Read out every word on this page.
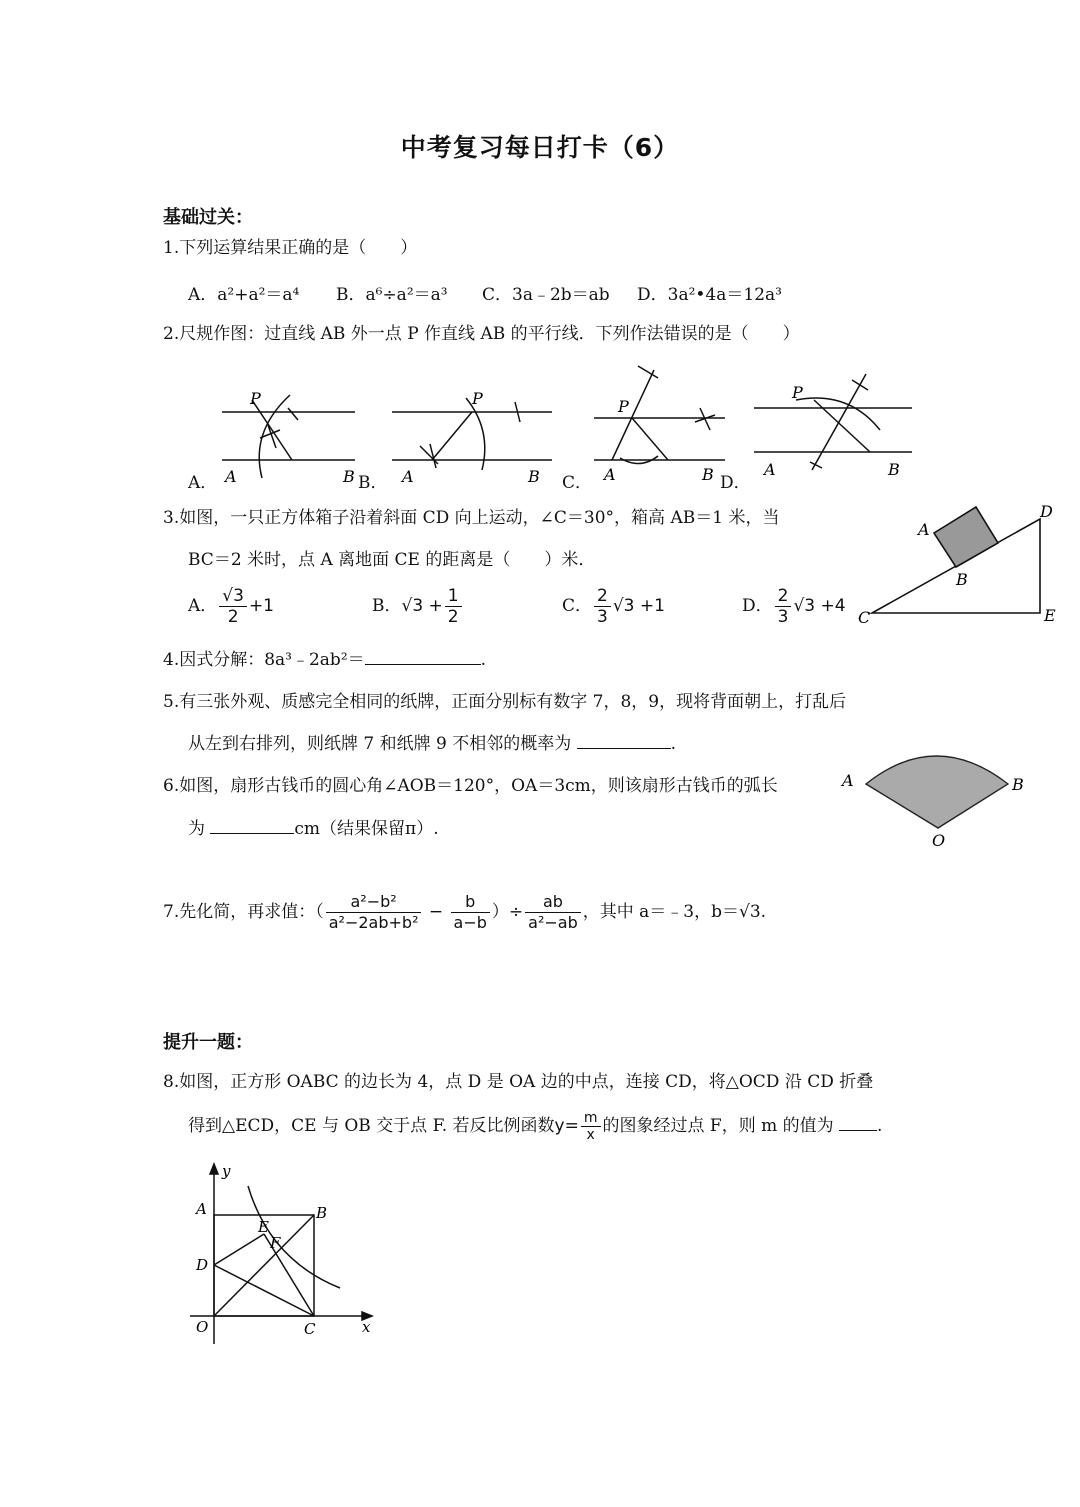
中考复习每日打卡（6）
基础过关：
1.下列运算结果正确的是（　　）
A．a²+a²＝a⁴ B．a⁶÷a²＝a³ C．3a﹣2b＝ab D．3a²•4a＝12a³
2.尺规作图：过直线 AB 外一点 P 作直线 AB 的平行线．下列作法错误的是（　　）
P
A	B
P
A	B
P
A	B
P
A	B
A．	B．	C．	D．
3.如图，一只正方体箱子沿着斜面 CD 向上运动，∠C＝30°，箱高 AB＝1 米，当
BC＝2 米时，点 A 离地面 CE 的距离是（　　）米．
A． $\frac{√3}{2} +1$	B．$√3 + \frac{1}{2}$	C． $\frac{2}{3} √3 +1$	D． $\frac{2}{3} √3 +4$
A
B
C
D
E
4.因式分解：8a³﹣2ab²＝	.
5.有三张外观、质感完全相同的纸牌，正面分别标有数字 7，8，9，现将背面朝上，打乱后
从左到右排列，则纸牌 7 和纸牌 9 不相邻的概率为	.
6.如图，扇形古钱币的圆心角∠AOB＝120°，OA＝3cm，则该扇形古钱币的弧长
为	cm（结果保留π）.
A	B
O
7.先化简，再求值：（ $\frac{\text{a²−b²}}{\text{a²−2ab+b²}} - \frac{b}{a-b}$ ）÷ $\frac{ab}{\text{a²−ab}}$ ，其中 a＝﹣3，b＝√3.
提升一题：
8.如图，正方形 OABC 的边长为 4，点 D 是 OA 边的中点，连接 CD，将△OCD 沿 CD 折叠
得到△ECD，CE 与 OB 交于点 F. 若反比例函数$y= \frac{m}{x}$ 的图象经过点 F，则 m 的值为	.
y
x
A	B
E
F
D
O	C
